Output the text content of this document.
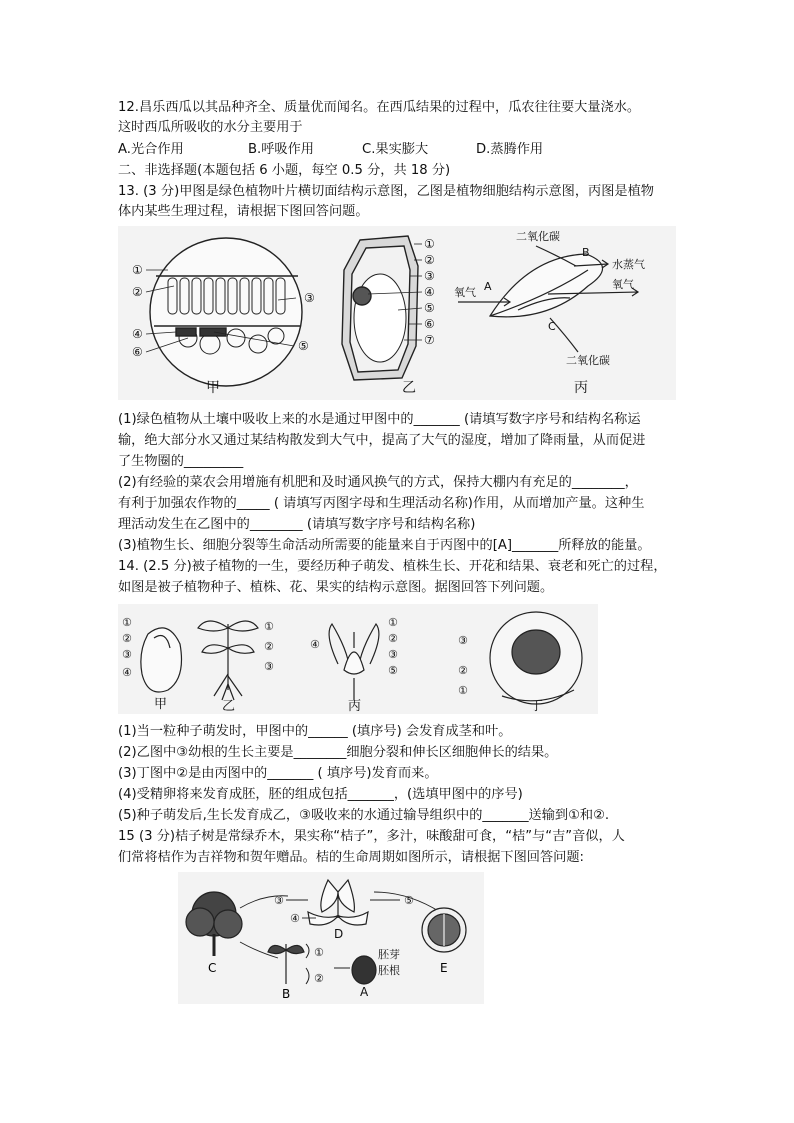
12.昌乐西瓜以其品种齐全、质量优而闻名。在西瓜结果的过程中，瓜农往往要大量浇水。
这时西瓜所吸收的水分主要用于
A.光合作用	B.呼吸作用	C.果实膨大	D.蒸腾作用
二、非选择题(本题包括 6 小题，每空 0.5 分，共 18 分)
13. (3 分)甲图是绿色植物叶片横切面结构示意图，乙图是植物细胞结构示意图，丙图是植物
体内某些生理过程，请根据下图回答问题。
①
②	③
④
⑤
⑥
甲
①
②
③
④
⑤
⑥
⑦
乙
二氧化碳
B
水蒸气
氧气 A	氧气
C
二氧化碳
丙
(1)绿色植物从土壤中吸收上来的水是通过甲图中的_______ (请填写数字序号和结构名称运
输，绝大部分水又通过某结构散发到大气中，提高了大气的湿度，增加了降雨量，从而促进
了生物圈的_________
(2)有经验的菜农会用增施有机肥和及时通风换气的方式，保持大棚内有充足的________，
有利于加强农作物的_____ ( 请填写丙图字母和生理活动名称)作用，从而增加产量。这种生
理活动发生在乙图中的________ (请填写数字序号和结构名称)
(3)植物生长、细胞分裂等生命活动所需要的能量来自于丙图中的[A]_______所释放的能量。
14. (2.5 分)被子植物的一生，要经历种子萌发、植株生长、开花和结果、衰老和死亡的过程，
如图是被子植物种子、植株、花、果实的结构示意图。据图回答下列问题。
①
②
③
④
甲
①
②
③
乙
①
②
③
④
⑤
丙
③
②
①
丁
(1)当一粒种子萌发时，甲图中的______ (填序号) 会发育成茎和叶。
(2)乙图中③幼根的生长主要是________细胞分裂和伸长区细胞伸长的结果。
(3)丁图中②是由丙图中的_______ ( 填序号)发育而来。
(4)受精卵将来发育成胚，胚的组成包括_______，(选填甲图中的序号)
(5)种子萌发后,生长发育成乙，③吸收来的水通过输导组织中的_______送输到①和②.
15 (3 分)桔子树是常绿乔木，果实称“桔子”，多汁，味酸甜可食，“桔”与“吉”音似，人
们常将桔作为吉祥物和贺年赠品。桔的生命周期如图所示，请根据下图回答问题:
C
③
④
⑤
D
E
B
①
②
胚芽
胚根
A
